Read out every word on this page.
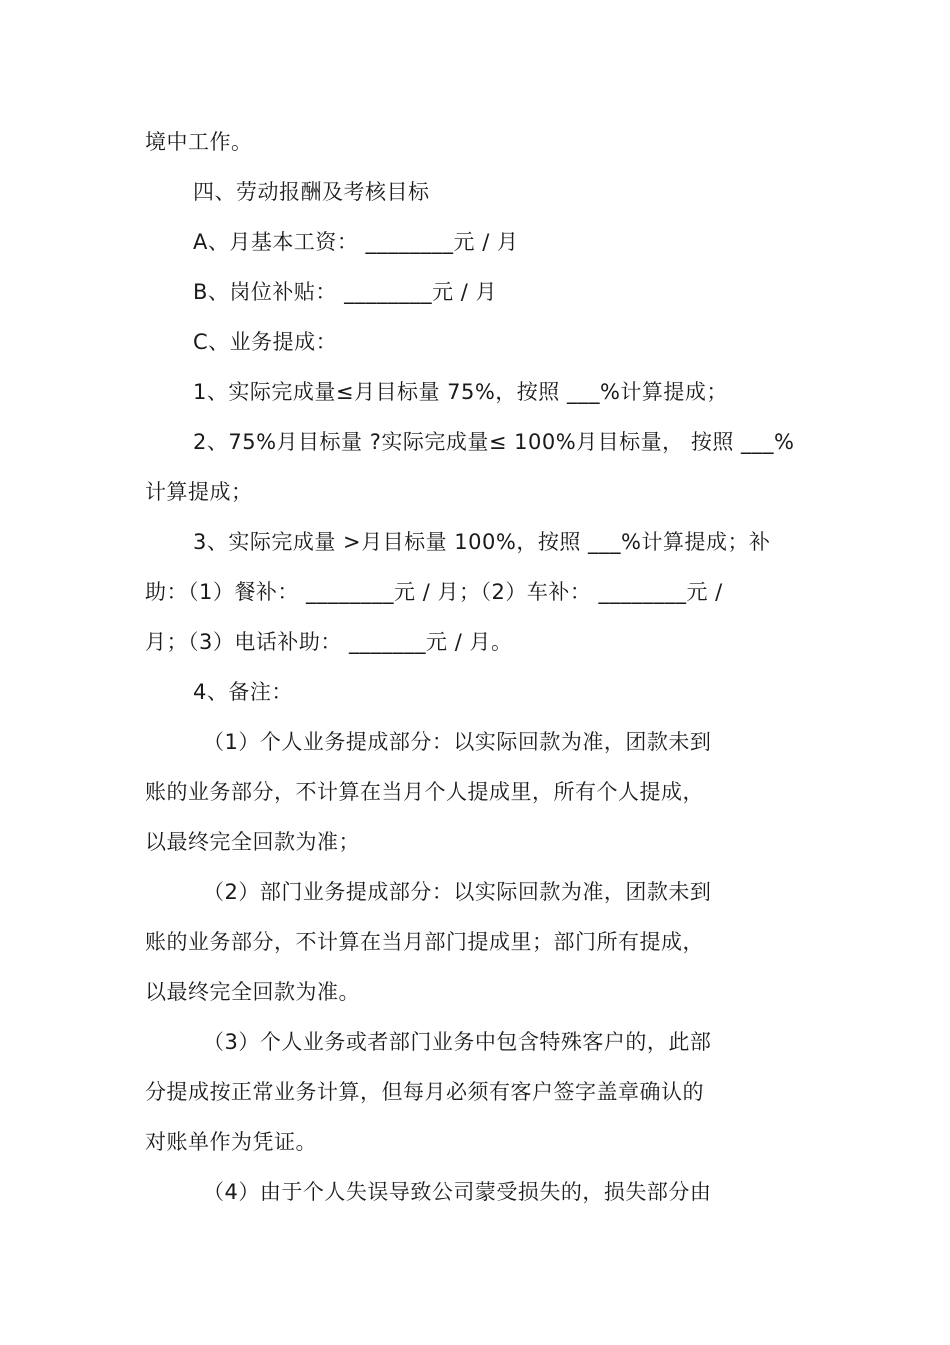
境中工作。
四、劳动报酬及考核目标
A、月基本工资： ________元 / 月
B、岗位补贴： ________元 / 月
C、业务提成：
1、实际完成量≤月目标量 75%，按照 ___%计算提成；
2、75%月目标量 ?实际完成量≤ 100%月目标量， 按照 ___%
计算提成；
3、实际完成量 >月目标量 100%，按照 ___%计算提成；补
助：（1）餐补： ________元 / 月；（2）车补： ________元 /
月；（3）电话补助： _______元 / 月。
4、备注：
（1）个人业务提成部分：以实际回款为准，团款未到
账的业务部分，不计算在当月个人提成里，所有个人提成，
以最终完全回款为准；
（2）部门业务提成部分：以实际回款为准，团款未到
账的业务部分，不计算在当月部门提成里；部门所有提成，
以最终完全回款为准。
（3）个人业务或者部门业务中包含特殊客户的，此部
分提成按正常业务计算，但每月必须有客户签字盖章确认的
对账单作为凭证。
（4）由于个人失误导致公司蒙受损失的，损失部分由
